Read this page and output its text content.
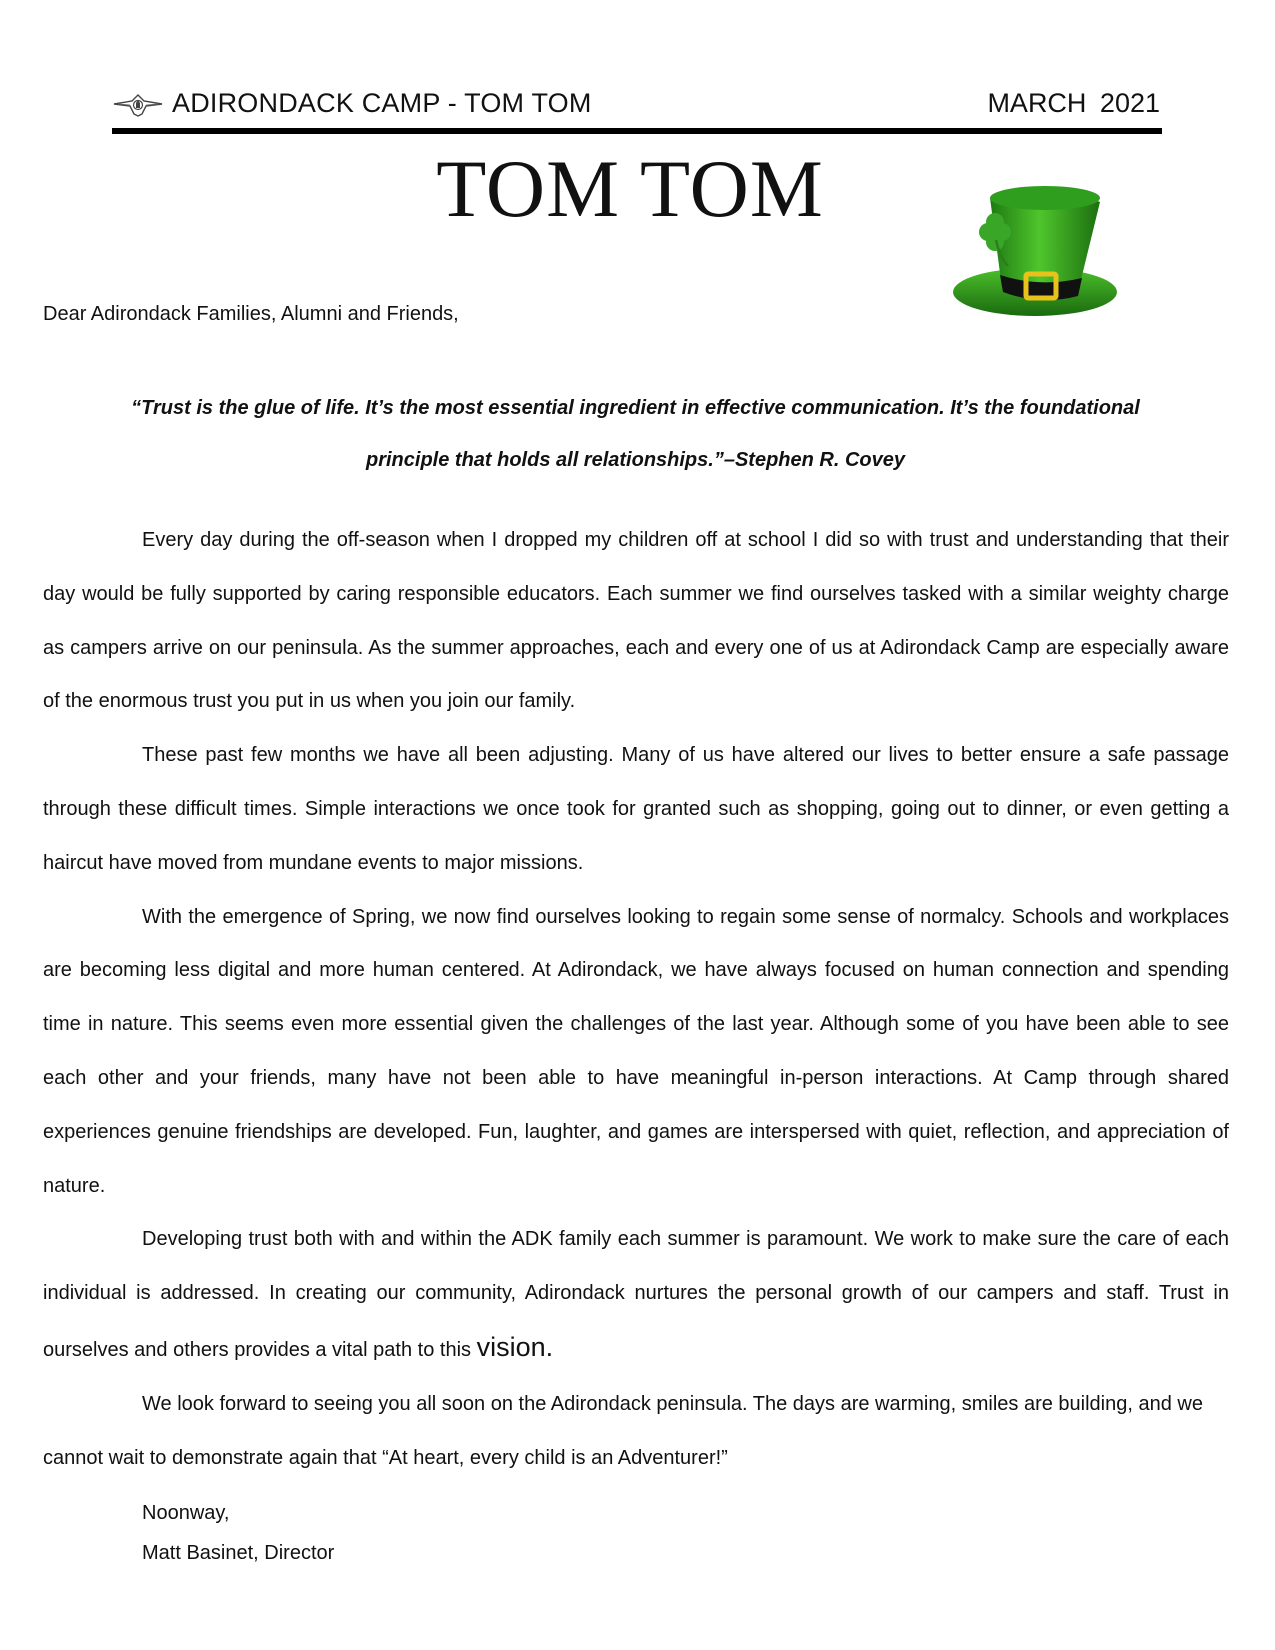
ADIRONDACK CAMP - TOM TOM	MARCH 2021
TOM TOM
Dear Adirondack Families, Alumni and Friends,

“Trust is the glue of life. It’s the most essential ingredient in effective communication. It’s the foundational

principle that holds all relationships.”–Stephen R. Covey

Every day during the off-season when I dropped my children off at school I did so with trust and understanding that their day would be fully supported by caring responsible educators. Each summer we find ourselves tasked with a similar weighty charge as campers arrive on our peninsula. As the summer approaches, each and every one of us at Adirondack Camp are especially aware of the enormous trust you put in us when you join our family.

These past few months we have all been adjusting. Many of us have altered our lives to better ensure a safe passage through these difficult times. Simple interactions we once took for granted such as shopping, going out to dinner, or even getting a haircut have moved from mundane events to major missions.

With the emergence of Spring, we now find ourselves looking to regain some sense of normalcy. Schools and workplaces are becoming less digital and more human centered. At Adirondack, we have always focused on human connection and spending time in nature. This seems even more essential given the challenges of the last year. Although some of you have been able to see each other and your friends, many have not been able to have meaningful in-person interactions. At Camp through shared experiences genuine friendships are developed. Fun, laughter, and games are interspersed with quiet, reflection, and appreciation of nature.

Developing trust both with and within the ADK family each summer is paramount. We work to make sure the care of each individual is addressed. In creating our community, Adirondack nurtures the personal growth of our campers and staff. Trust in ourselves and others provides a vital path to this vision.

We look forward to seeing you all soon on the Adirondack peninsula. The days are warming, smiles are building, and we cannot wait to demonstrate again that “At heart, every child is an Adventurer!”

Noonway,

Matt Basinet, Director
